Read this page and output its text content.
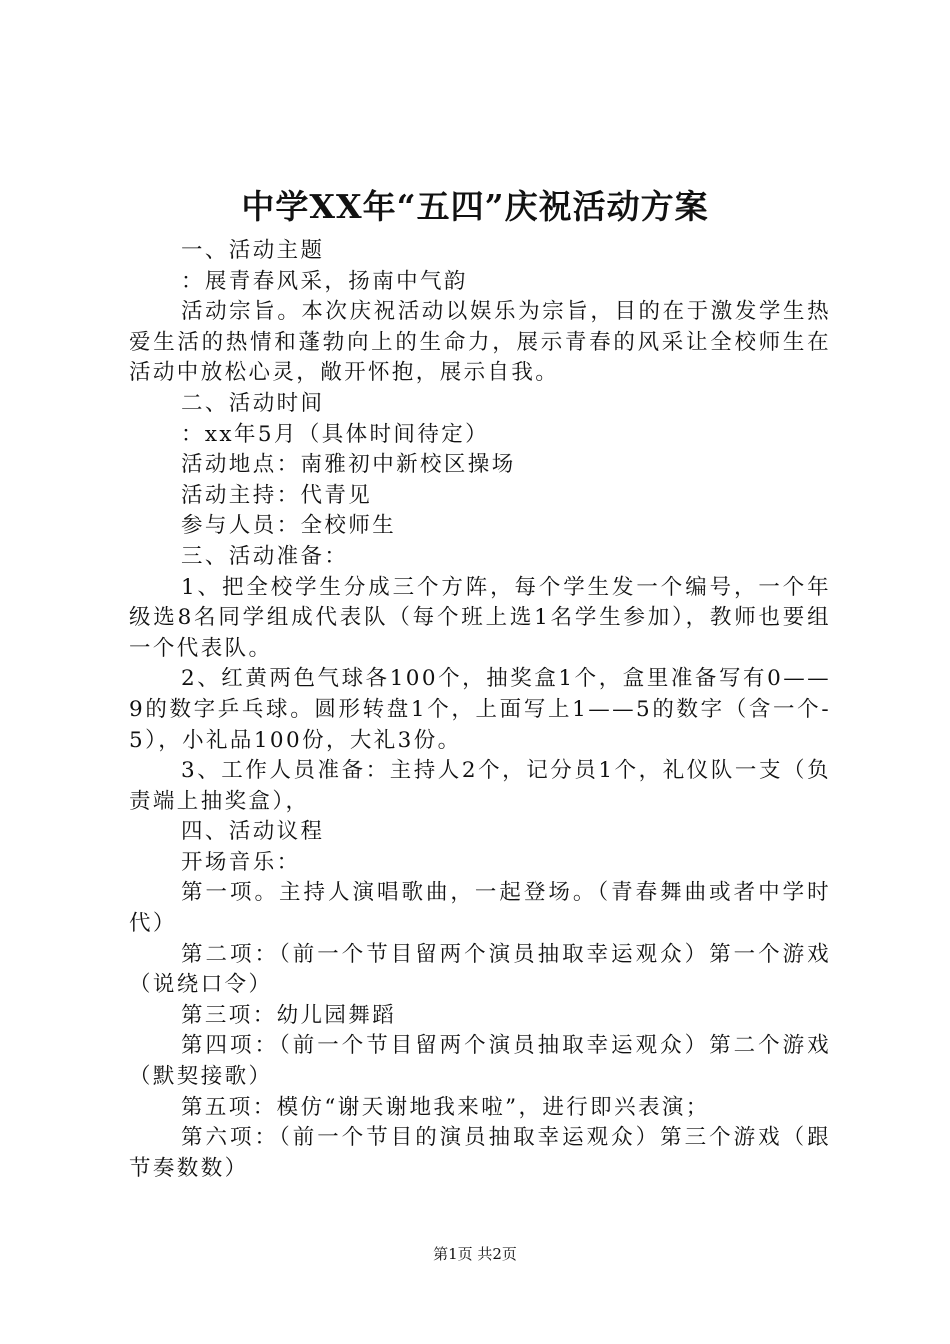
中学XX年“五四”庆祝活动方案

一、活动主题

：展青春风采，扬南中气韵

活动宗旨。本次庆祝活动以娱乐为宗旨，目的在于激发学生热爱生活的热情和蓬勃向上的生命力，展示青春的风采让全校师生在活动中放松心灵，敞开怀抱，展示自我。

二、活动时间

：xx年5月（具体时间待定）

活动地点：南雅初中新校区操场

活动主持：代青见

参与人员：全校师生

三、活动准备：

1、把全校学生分成三个方阵，每个学生发一个编号，一个年级选8名同学组成代表队（每个班上选1名学生参加），教师也要组一个代表队。

2、红黄两色气球各100个，抽奖盒1个，盒里准备写有0——9的数字乒乓球。圆形转盘1个，上面写上1——5的数字（含一个-5），小礼品100份，大礼3份。

3、工作人员准备：主持人2个，记分员1个，礼仪队一支（负责端上抽奖盒），

四、活动议程

开场音乐：

第一项。主持人演唱歌曲，一起登场。（青春舞曲或者中学时代）

第二项：（前一个节目留两个演员抽取幸运观众）第一个游戏（说绕口令）

第三项：幼儿园舞蹈

第四项：（前一个节目留两个演员抽取幸运观众）第二个游戏（默契接歌）

第五项：模仿“谢天谢地我来啦”，进行即兴表演；

第六项：（前一个节目的演员抽取幸运观众）第三个游戏（跟节奏数数）

第1页 共2页
